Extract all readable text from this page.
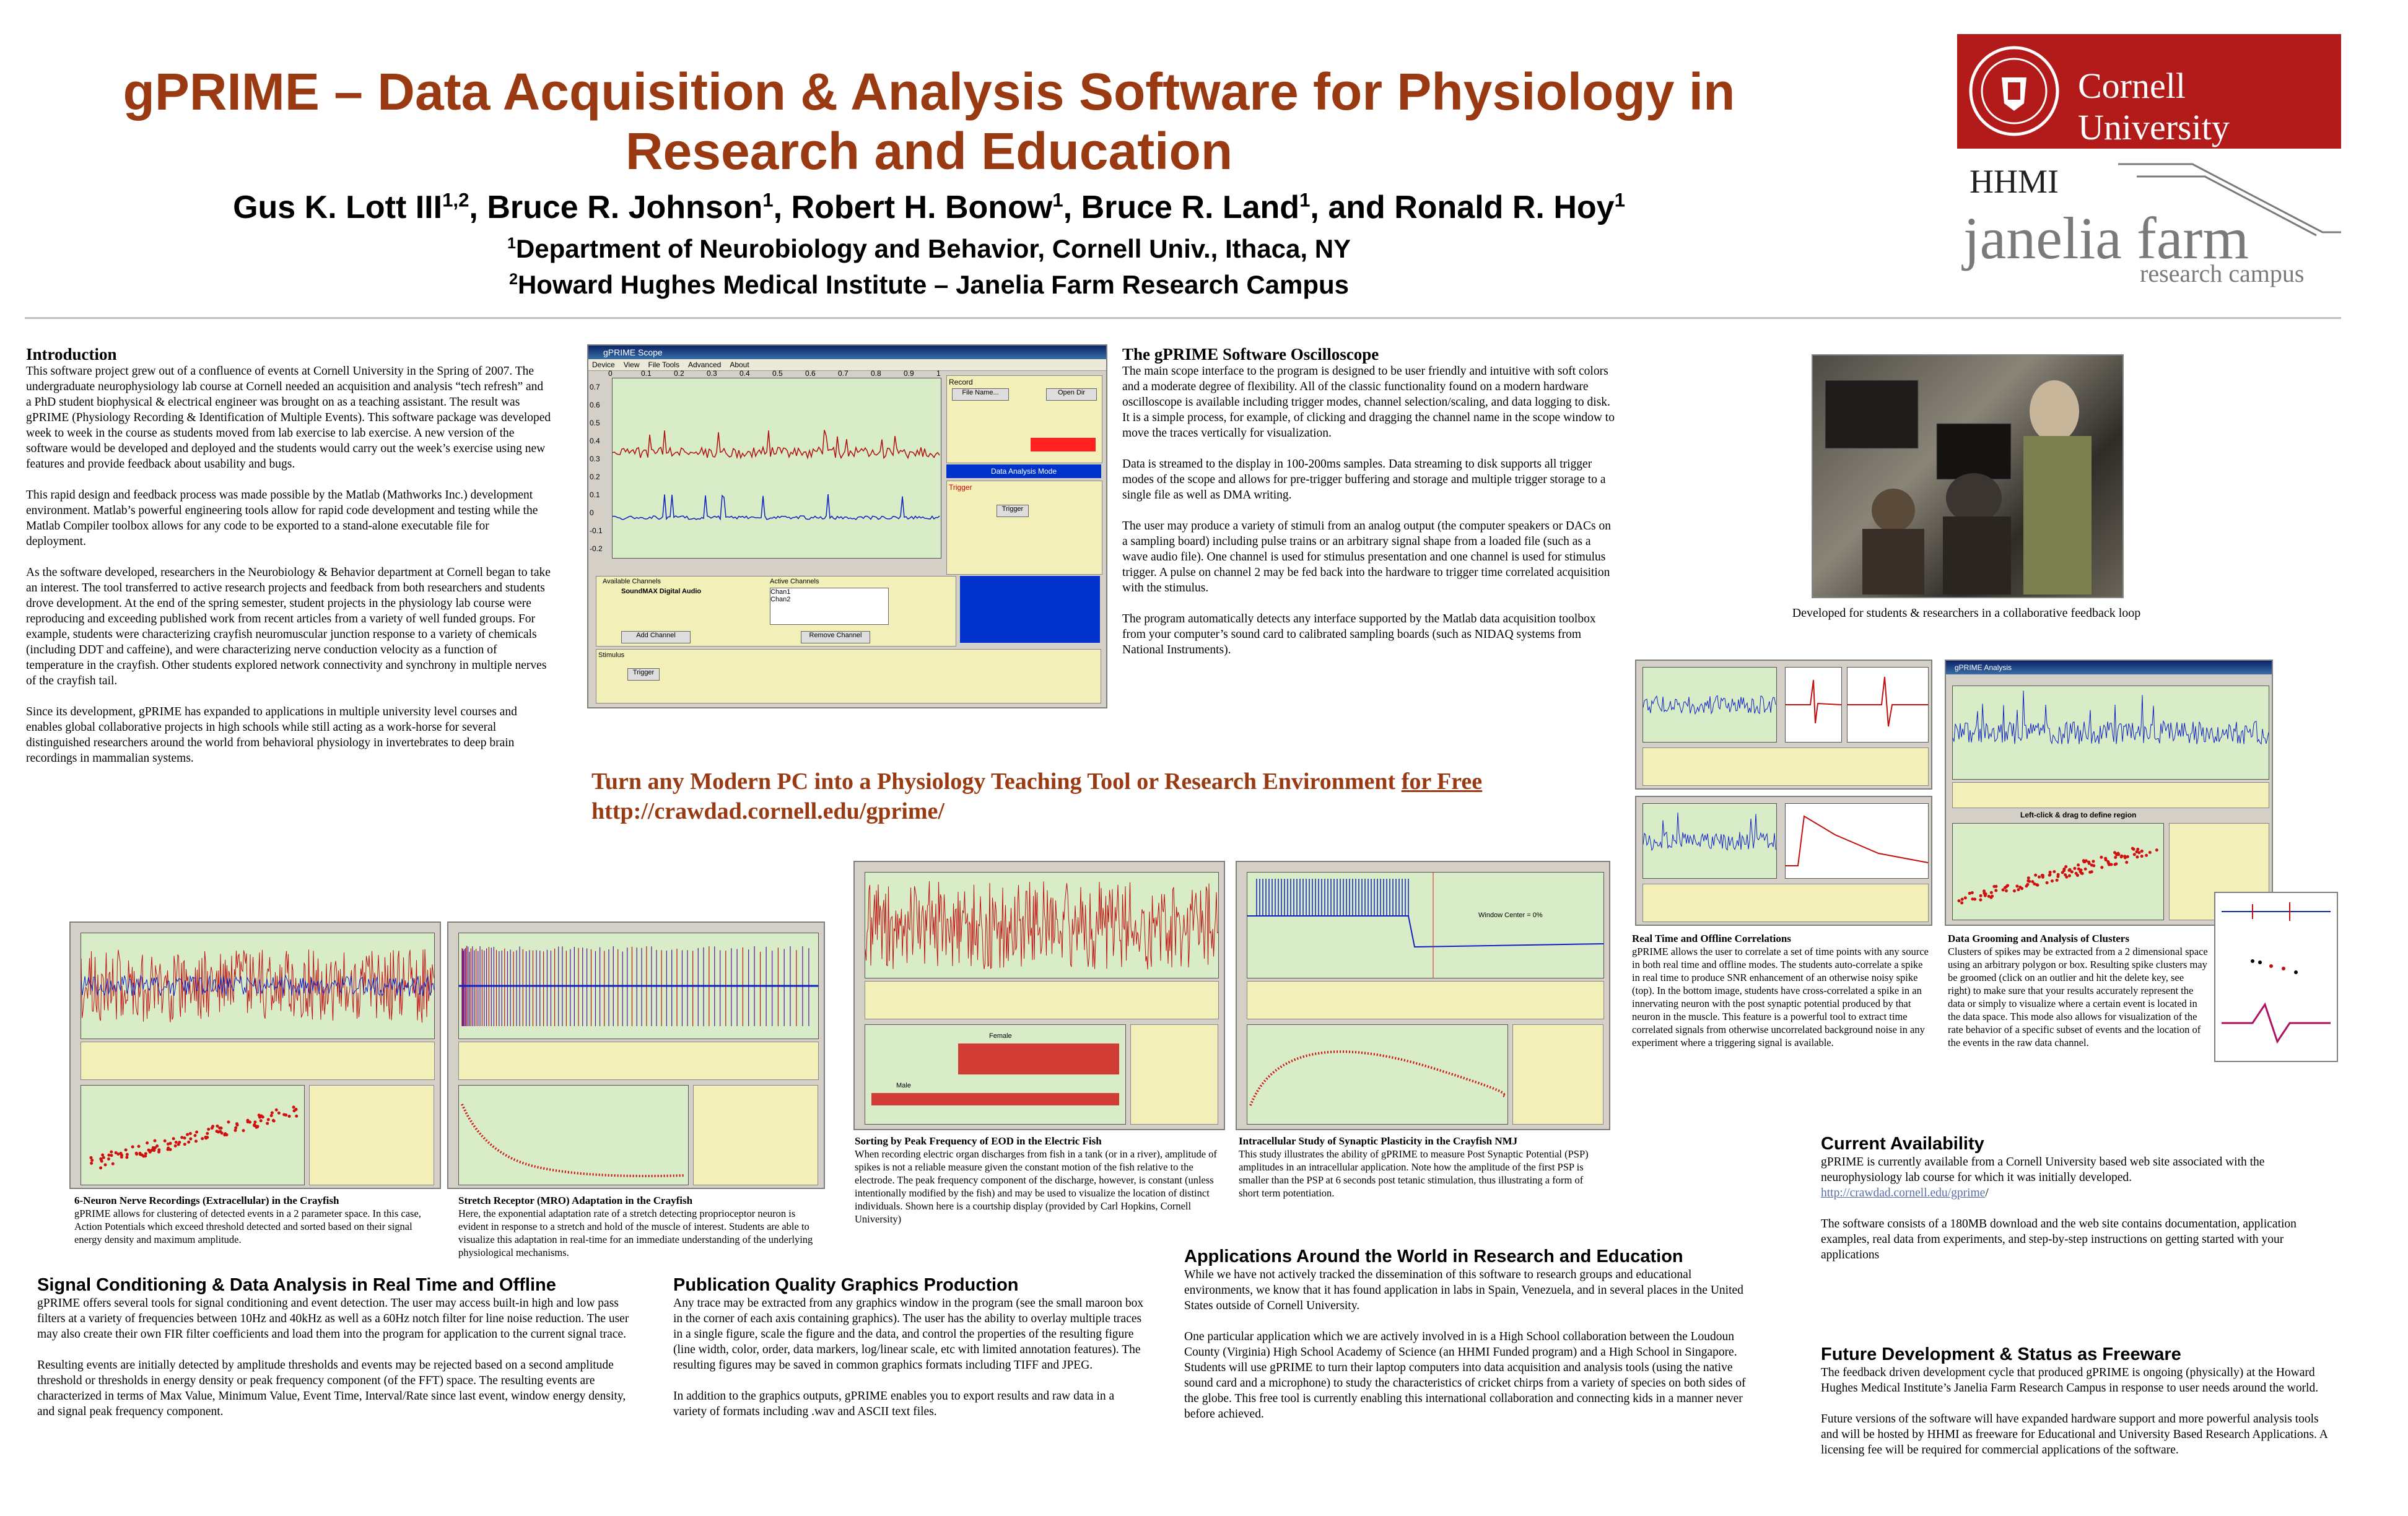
gPRIME – Data Acquisition & Analysis Software for Physiology in Research and Education
Gus K. Lott III$^{1,2}$, Bruce R. Johnson$^1$, Robert H. Bonow$^1$, Bruce R. Land$^1$, and Ronald R. Hoy$^1$
$^1$Department of Neurobiology and Behavior, Cornell Univ., Ithaca, NY
$^2$Howard Hughes Medical Institute – Janelia Farm Research Campus
Cornell University
HHMI
janelia farm
research campus
Introduction

This software project grew out of a confluence of events at Cornell University in the Spring of 2007. The undergraduate neurophysiology lab course at Cornell needed an acquisition and analysis “tech refresh” and a PhD student biophysical & electrical engineer was brought on as a teaching assistant. The result was gPRIME (Physiology Recording & Identification of Multiple Events). This software package was developed week to week in the course as students moved from lab exercise to lab exercise. A new version of the software would be developed and deployed and the students would carry out the week’s exercise using new features and provide feedback about usability and bugs.

This rapid design and feedback process was made possible by the Matlab (Mathworks Inc.) development environment. Matlab’s powerful engineering tools allow for rapid code development and testing while the Matlab Compiler toolbox allows for any code to be exported to a stand-alone executable file for deployment.

As the software developed, researchers in the Neurobiology & Behavior department at Cornell began to take an interest. The tool transferred to active research projects and feedback from both researchers and students drove development. At the end of the spring semester, student projects in the physiology lab course were reproducing and exceeding published work from recent articles from a variety of well funded groups. For example, students were characterizing crayfish neuromuscular junction response to a variety of chemicals (including DDT and caffeine), and were characterizing nerve conduction velocity as a function of temperature in the crayfish. Other students explored network connectivity and synchrony in multiple nerves of the crayfish tail.

Since its development, gPRIME has expanded to applications in multiple university level courses and enables global collaborative projects in high schools while still acting as a work-horse for several distinguished researchers around the world from behavioral physiology in invertebrates to deep brain recordings in mammalian systems.

gPRIME Scope
Device View File Tools Advanced About
0	0.1	0.2	0.3	0.4	0.5	0.6	0.7	0.8	0.9	1
0.7
0.6
0.5
0.4
0.3
0.2
0.1
0
-0.1
-0.2
Record
File Name...	Open Dir
Data Analysis Mode
Trigger
Trigger
Available Channels
SoundMAX Digital Audio
Active Channels
Chan1
Chan2
Add Channel	Remove Channel
Stimulus
Trigger
The gPRIME Software Oscilloscope

The main scope interface to the program is designed to be user friendly and intuitive with soft colors and a moderate degree of flexibility. All of the classic functionality found on a modern hardware oscilloscope is available including trigger modes, channel selection/scaling, and data logging to disk. It is a simple process, for example, of clicking and dragging the channel name in the scope window to move the traces vertically for visualization.

Data is streamed to the display in 100-200ms samples. Data streaming to disk supports all trigger modes of the scope and allows for pre-trigger buffering and storage and multiple trigger storage to a single file as well as DMA writing.

The user may produce a variety of stimuli from an analog output (the computer speakers or DACs on a sampling board) including pulse trains or an arbitrary signal shape from a loaded file (such as a wave audio file). One channel is used for stimulus presentation and one channel is used for stimulus trigger. A pulse on channel 2 may be fed back into the hardware to trigger time correlated acquisition with the stimulus.

The program automatically detects any interface supported by the Matlab data acquisition toolbox from your computer’s sound card to calibrated sampling boards (such as NIDAQ systems from National Instruments).

Turn any Modern PC into a Physiology Teaching Tool or Research Environment for Free
http://crawdad.cornell.edu/gprime/
Developed for students & researchers in a collaborative feedback loop
gPRIME Analysis
Left-click & drag to define region
Real Time and Offline Correlations
gPRIME allows the user to correlate a set of time points with any source in both real time and offline modes. The students auto-correlate a spike in real time to produce SNR enhancement of an otherwise noisy spike (top). In the bottom image, students have cross-correlated a spike in an innervating neuron with the post synaptic potential produced by that neuron in the muscle. This feature is a powerful tool to extract time correlated signals from otherwise uncorrelated background noise in any experiment where a triggering signal is available.
Data Grooming and Analysis of Clusters
Clusters of spikes may be extracted from a 2 dimensional space using an arbitrary polygon or box. Resulting spike clusters may be groomed (click on an outlier and hit the delete key, see right) to make sure that your results accurately represent the data or simply to visualize where a certain event is located in the data space. This mode also allows for visualization of the rate behavior of a specific subset of events and the location of the events in the raw data channel.
Female
Male
Window Center = 0%
6-Neuron Nerve Recordings (Extracellular) in the Crayfish
gPRIME allows for clustering of detected events in a 2 parameter space. In this case, Action Potentials which exceed threshold detected and sorted based on their signal energy density and maximum amplitude.
Stretch Receptor (MRO) Adaptation in the Crayfish
Here, the exponential adaptation rate of a stretch detecting proprioceptor neuron is evident in response to a stretch and hold of the muscle of interest. Students are able to visualize this adaptation in real-time for an immediate understanding of the underlying physiological mechanisms.
Sorting by Peak Frequency of EOD in the Electric Fish
When recording electric organ discharges from fish in a tank (or in a river), amplitude of spikes is not a reliable measure given the constant motion of the fish relative to the electrode. The peak frequency component of the discharge, however, is constant (unless intentionally modified by the fish) and may be used to visualize the location of distinct individuals. Shown here is a courtship display (provided by Carl Hopkins, Cornell University)
Intracellular Study of Synaptic Plasticity in the Crayfish NMJ
This study illustrates the ability of gPRIME to measure Post Synaptic Potential (PSP) amplitudes in an intracellular application. Note how the amplitude of the first PSP is smaller than the PSP at 6 seconds post tetanic stimulation, thus illustrating a form of short term potentiation.
Signal Conditioning & Data Analysis in Real Time and Offline

gPRIME offers several tools for signal conditioning and event detection. The user may access built-in high and low pass filters at a variety of frequencies between 10Hz and 40kHz as well as a 60Hz notch filter for line noise reduction. The user may also create their own FIR filter coefficients and load them into the program for application to the current signal trace.

Resulting events are initially detected by amplitude thresholds and events may be rejected based on a second amplitude threshold or thresholds in energy density or peak frequency component (of the FFT) space. The resulting events are characterized in terms of Max Value, Minimum Value, Event Time, Interval/Rate since last event, window energy density, and signal peak frequency component.

Publication Quality Graphics Production

Any trace may be extracted from any graphics window in the program (see the small maroon box in the corner of each axis containing graphics). The user has the ability to overlay multiple traces in a single figure, scale the figure and the data, and control the properties of the resulting figure (line width, color, order, data markers, log/linear scale, etc with limited annotation features). The resulting figures may be saved in common graphics formats including TIFF and JPEG.

In addition to the graphics outputs, gPRIME enables you to export results and raw data in a variety of formats including .wav and ASCII text files.

Applications Around the World in Research and Education

While we have not actively tracked the dissemination of this software to research groups and educational environments, we know that it has found application in labs in Spain, Venezuela, and in several places in the United States outside of Cornell University.

One particular application which we are actively involved in is a High School collaboration between the Loudoun County (Virginia) High School Academy of Science (an HHMI Funded program) and a High School in Singapore. Students will use gPRIME to turn their laptop computers into data acquisition and analysis tools (using the native sound card and a microphone) to study the characteristics of cricket chirps from a variety of species on both sides of the globe. This free tool is currently enabling this international collaboration and connecting kids in a manner never before achieved.

Current Availability

gPRIME is currently available from a Cornell University based web site associated with the neurophysiology lab course for which it was initially developed.
http://crawdad.cornell.edu/gprime/

The software consists of a 180MB download and the web site contains documentation, application examples, real data from experiments, and step-by-step instructions on getting started with your applications

Future Development & Status as Freeware

The feedback driven development cycle that produced gPRIME is ongoing (physically) at the Howard Hughes Medical Institute’s Janelia Farm Research Campus in response to user needs around the world.

Future versions of the software will have expanded hardware support and more powerful analysis tools and will be hosted by HHMI as freeware for Educational and University Based Research Applications. A licensing fee will be required for commercial applications of the software.
